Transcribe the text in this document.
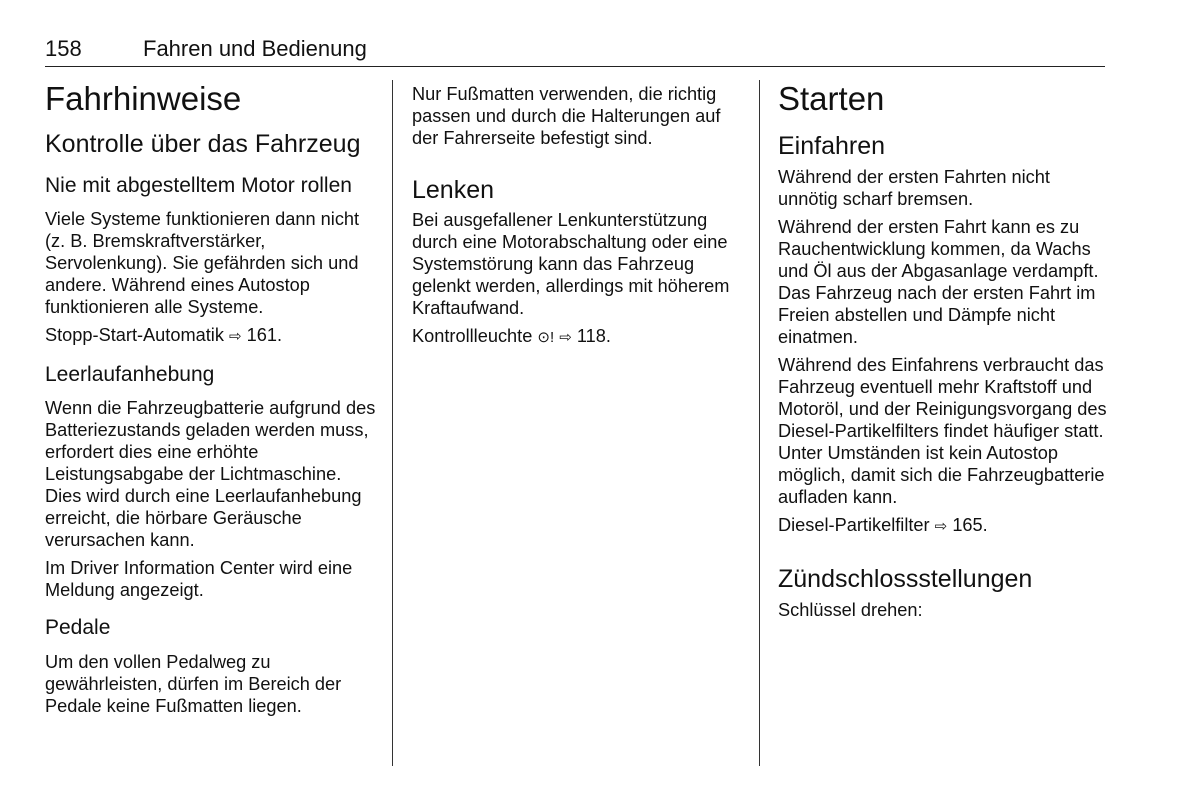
158	Fahren und Bedienung
Fahrhinweise
Kontrolle über das Fahrzeug
Nie mit abgestelltem Motor rollen

Viele Systeme funktionieren dann nicht (z. B. Bremskraftverstärker, Servolenkung). Sie gefährden sich und andere. Während eines Autostop funktionieren alle Systeme.

Stopp-Start-Automatik ⇨ 161.

Leerlaufanhebung

Wenn die Fahrzeugbatterie aufgrund des Batteriezustands geladen werden muss, erfordert dies eine erhöhte Leistungsabgabe der Lichtmaschine. Dies wird durch eine Leerlaufanhebung erreicht, die hörbare Geräusche verursachen kann.

Im Driver Information Center wird eine Meldung angezeigt.

Pedale

Um den vollen Pedalweg zu gewährleisten, dürfen im Bereich der Pedale keine Fußmatten liegen.

Nur Fußmatten verwenden, die richtig passen und durch die Halterungen auf der Fahrerseite befestigt sind.

Lenken

Bei ausgefallener Lenkunterstützung durch eine Motorabschaltung oder eine Systemstörung kann das Fahrzeug gelenkt werden, allerdings mit höherem Kraftaufwand.

Kontrollleuchte ⊙! ⇨ 118.

Starten
Einfahren

Während der ersten Fahrten nicht unnötig scharf bremsen.

Während der ersten Fahrt kann es zu Rauchentwicklung kommen, da Wachs und Öl aus der Abgasanlage verdampft. Das Fahrzeug nach der ersten Fahrt im Freien abstellen und Dämpfe nicht einatmen.

Während des Einfahrens verbraucht das Fahrzeug eventuell mehr Kraftstoff und Motoröl, und der Reinigungsvorgang des Diesel-Partikelfilters findet häufiger statt. Unter Umständen ist kein Autostop möglich, damit sich die Fahrzeugbatterie aufladen kann.

Diesel-Partikelfilter ⇨ 165.

Zündschlossstellungen

Schlüssel drehen:
